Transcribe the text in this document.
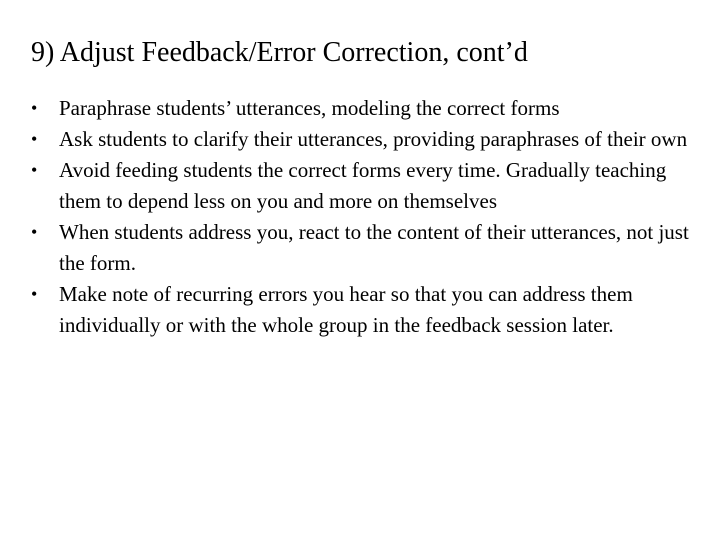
9) Adjust Feedback/Error Correction, cont’d
•	Paraphrase students’ utterances, modeling the correct forms
•	Ask students to clarify their utterances, providing paraphrases of their own
•	Avoid feeding students the correct forms every time. Gradually teaching them to depend less on you and more on themselves
•	When students address you, react to the content of their utterances, not just the form.
•	Make note of recurring errors you hear so that you can address them individually or with the whole group in the feedback session later.
